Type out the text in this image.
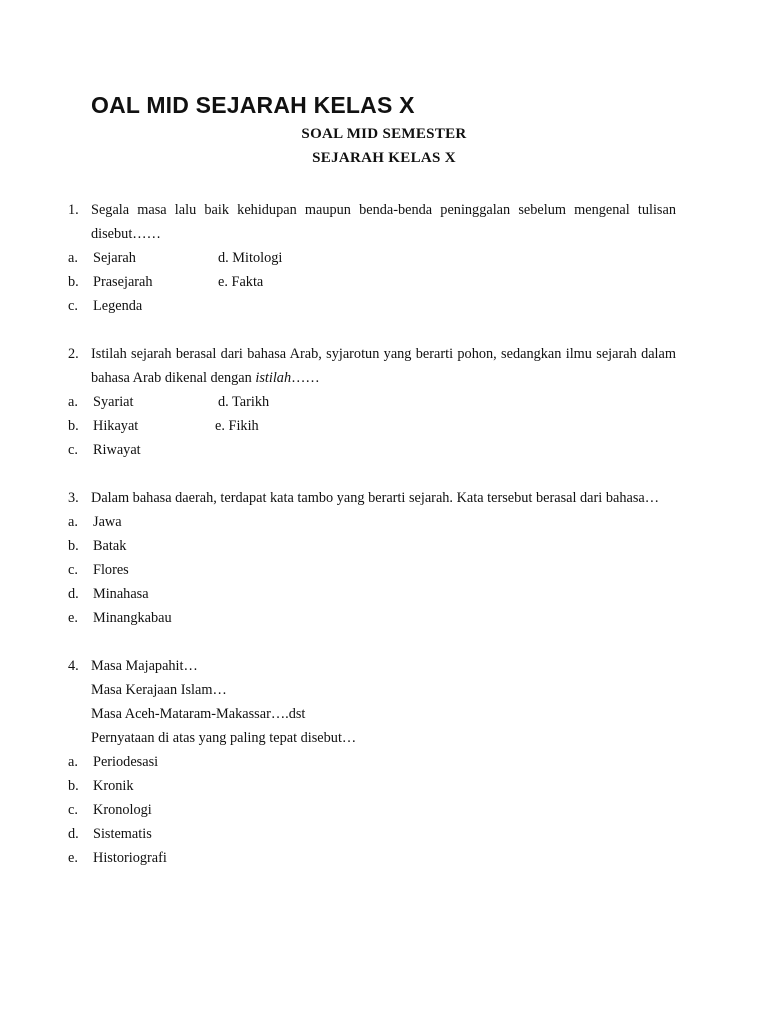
OAL MID SEJARAH KELAS X
SOAL MID SEMESTER
SEJARAH KELAS X
1. Segala masa lalu baik kehidupan maupun benda-benda peninggalan sebelum mengenal tulisan disebut……
a.	Sejarah	d. Mitologi
b. Prasejarah	e. Fakta
c.	Legenda
2. Istilah sejarah berasal dari bahasa Arab, syjarotun yang berarti pohon, sedangkan ilmu sejarah dalam bahasa Arab dikenal dengan istilah……
a.	Syariat	d. Tarikh
b. Hikayat	e. Fikih
c.	Riwayat
3. Dalam bahasa daerah, terdapat kata tambo yang berarti sejarah. Kata tersebut berasal dari bahasa…
a.	Jawa
b. Batak
c.	Flores
d. Minahasa
e.	Minangkabau
4. Masa Majapahit…
Masa Kerajaan Islam…
Masa Aceh-Mataram-Makassar….dst
Pernyataan di atas yang paling tepat disebut…
a.	Periodesasi
b. Kronik
c.	Kronologi
d. Sistematis
e.	Historiografi
